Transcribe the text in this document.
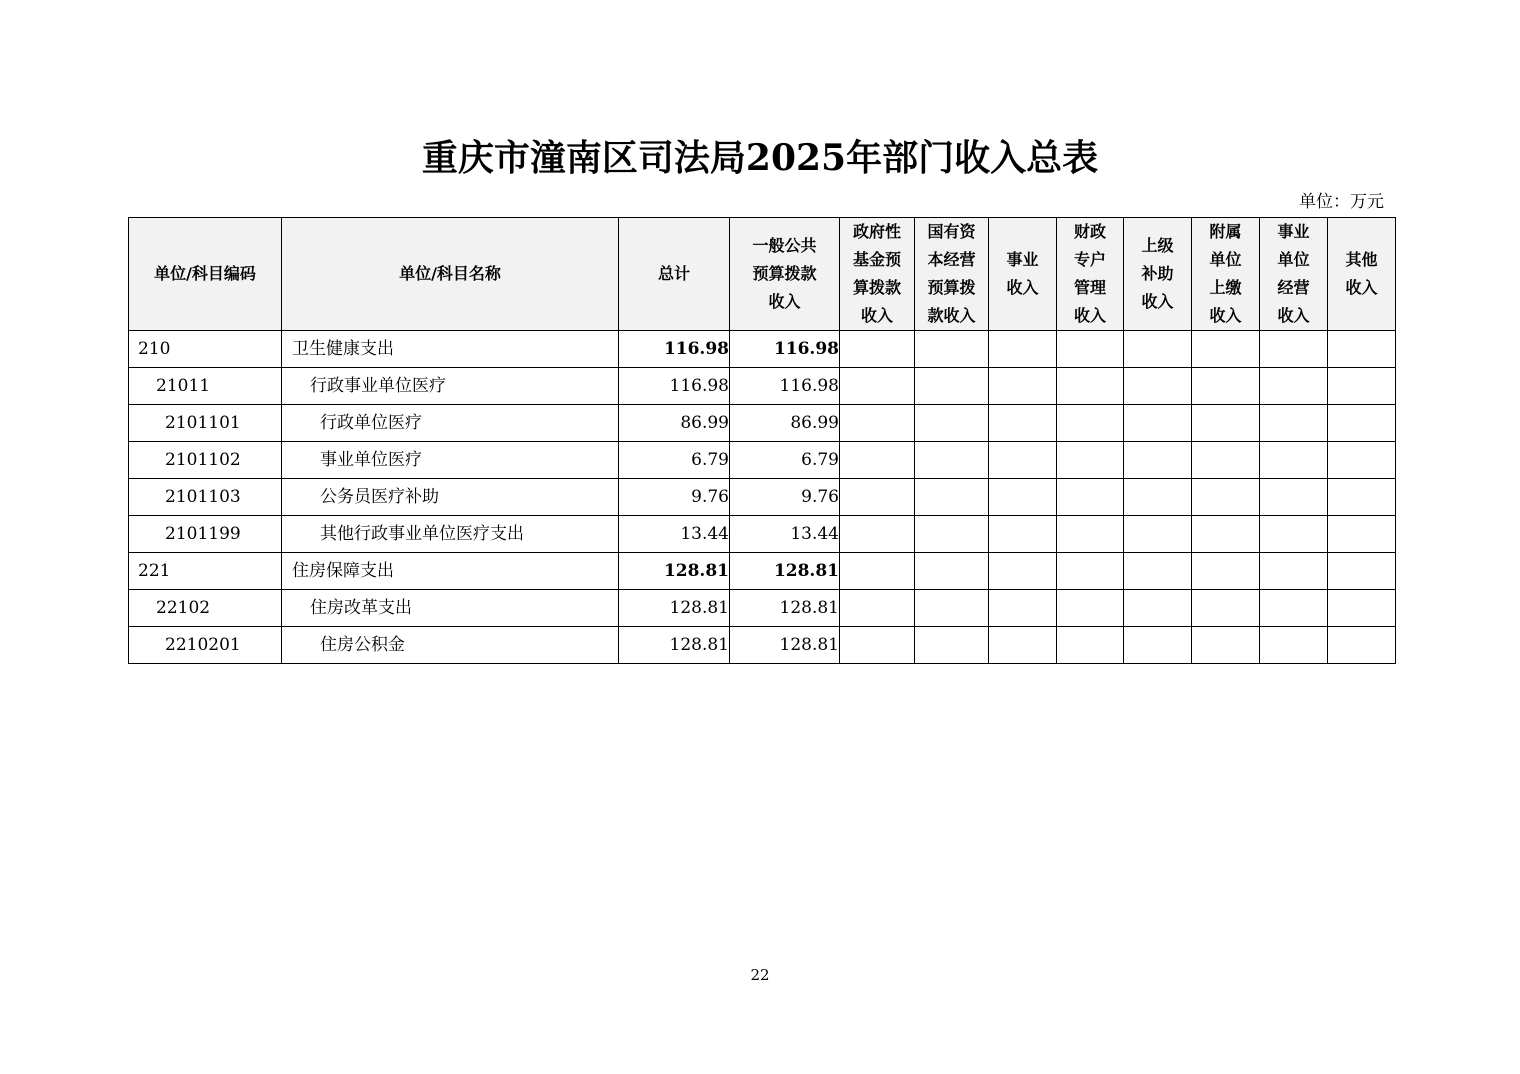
重庆市潼南区司法局2025年部门收入总表
单位：万元
单位/科目编码	单位/科目名称	总计	一般公共
预算拨款
收入	政府性
基金预
算拨款
收入	国有资
本经营
预算拨
款收入	事业
收入	财政
专户
管理
收入	上级
补助
收入	附属
单位
上缴
收入	事业
单位
经营
收入	其他
收入
210	卫生健康支出	116.98	116.98								
21011	行政事业单位医疗	116.98	116.98								
2101101	行政单位医疗	86.99	86.99								
2101102	事业单位医疗	6.79	6.79								
2101103	公务员医疗补助	9.76	9.76								
2101199	其他行政事业单位医疗支出	13.44	13.44								
221	住房保障支出	128.81	128.81								
22102	住房改革支出	128.81	128.81								
2210201	住房公积金	128.81	128.81								
22
